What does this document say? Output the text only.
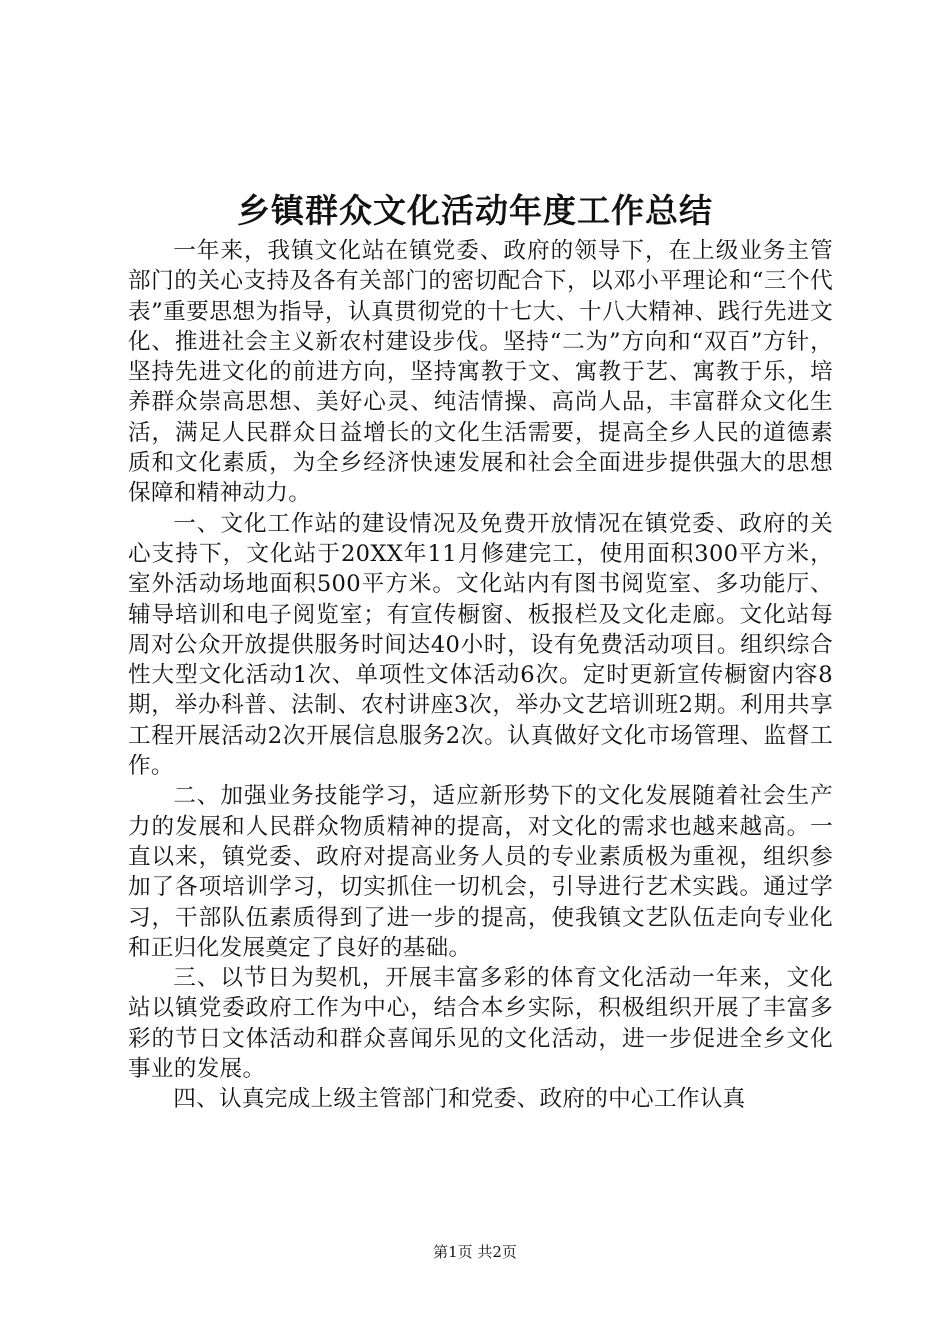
乡镇群众文化活动年度工作总结

一年来，我镇文化站在镇党委、政府的领导下，在上级业务主管部门的关心支持及各有关部门的密切配合下，以邓小平理论和“三个代表”重要思想为指导，认真贯彻党的十七大、十八大精神、践行先进文化、推进社会主义新农村建设步伐。坚持“二为”方向和“双百”方针，坚持先进文化的前进方向，坚持寓教于文、寓教于艺、寓教于乐，培养群众崇高思想、美好心灵、纯洁情操、高尚人品，丰富群众文化生活，满足人民群众日益增长的文化生活需要，提高全乡人民的道德素质和文化素质，为全乡经济快速发展和社会全面进步提供强大的思想保障和精神动力。

一、文化工作站的建设情况及免费开放情况在镇党委、政府的关心支持下，文化站于20XX年11月修建完工，使用面积300平方米，室外活动场地面积500平方米。文化站内有图书阅览室、多功能厅、辅导培训和电子阅览室；有宣传橱窗、板报栏及文化走廊。文化站每周对公众开放提供服务时间达40小时，设有免费活动项目。组织综合性大型文化活动1次、单项性文体活动6次。定时更新宣传橱窗内容8期，举办科普、法制、农村讲座3次，举办文艺培训班2期。利用共享工程开展活动2次开展信息服务2次。认真做好文化市场管理、监督工作。

二、加强业务技能学习，适应新形势下的文化发展随着社会生产力的发展和人民群众物质精神的提高，对文化的需求也越来越高。一直以来，镇党委、政府对提高业务人员的专业素质极为重视，组织参加了各项培训学习，切实抓住一切机会，引导进行艺术实践。通过学习，干部队伍素质得到了进一步的提高，使我镇文艺队伍走向专业化和正归化发展奠定了良好的基础。

三、以节日为契机，开展丰富多彩的体育文化活动一年来，文化站以镇党委政府工作为中心，结合本乡实际，积极组织开展了丰富多彩的节日文体活动和群众喜闻乐见的文化活动，进一步促进全乡文化事业的发展。

四、认真完成上级主管部门和党委、政府的中心工作认真

第1页 共2页
